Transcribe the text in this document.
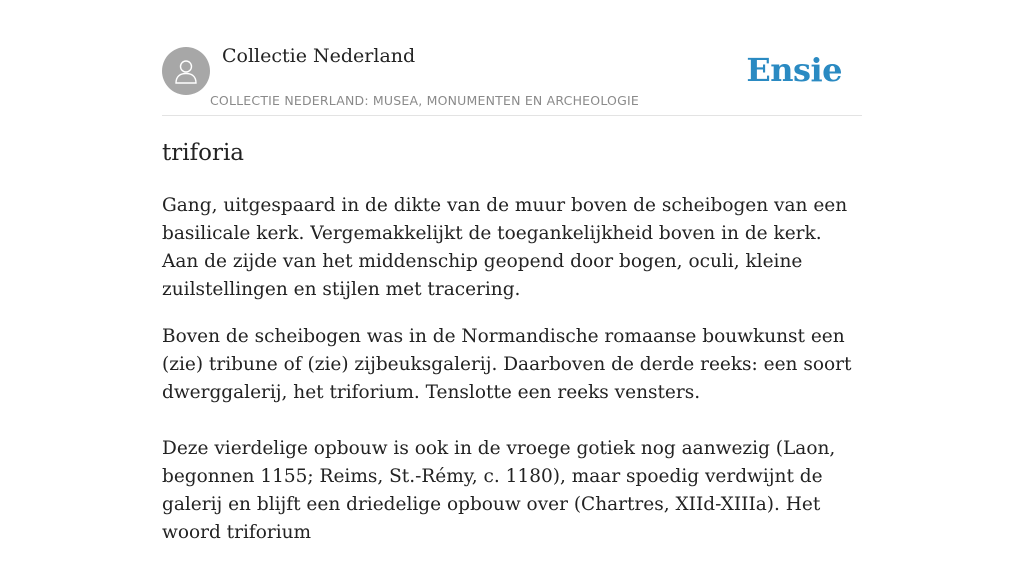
Collectie Nederland
COLLECTIE NEDERLAND: MUSEA, MONUMENTEN EN ARCHEOLOGIE
Ensie
triforia

Gang, uitgespaard in de dikte van de muur boven de scheibogen van een basilicale kerk. Vergemakkelijkt de toegankelijkheid boven in de kerk. Aan de zijde van het middenschip geopend door bogen, oculi, kleine zuilstellingen en stijlen met tracering.

Boven de scheibogen was in de Normandische romaanse bouwkunst een (zie) tribune of (zie) zijbeuksgalerij. Daarboven de derde reeks: een soort dwerggalerij, het triforium. Tenslotte een reeks vensters.

Deze vierdelige opbouw is ook in de vroege gotiek nog aanwezig (Laon, begonnen 1155; Reims, St.-Rémy, c. 1180), maar spoedig verdwijnt de galerij en blijft een driedelige opbouw over (Chartres, XIId-XIIIa). Het woord triforium
